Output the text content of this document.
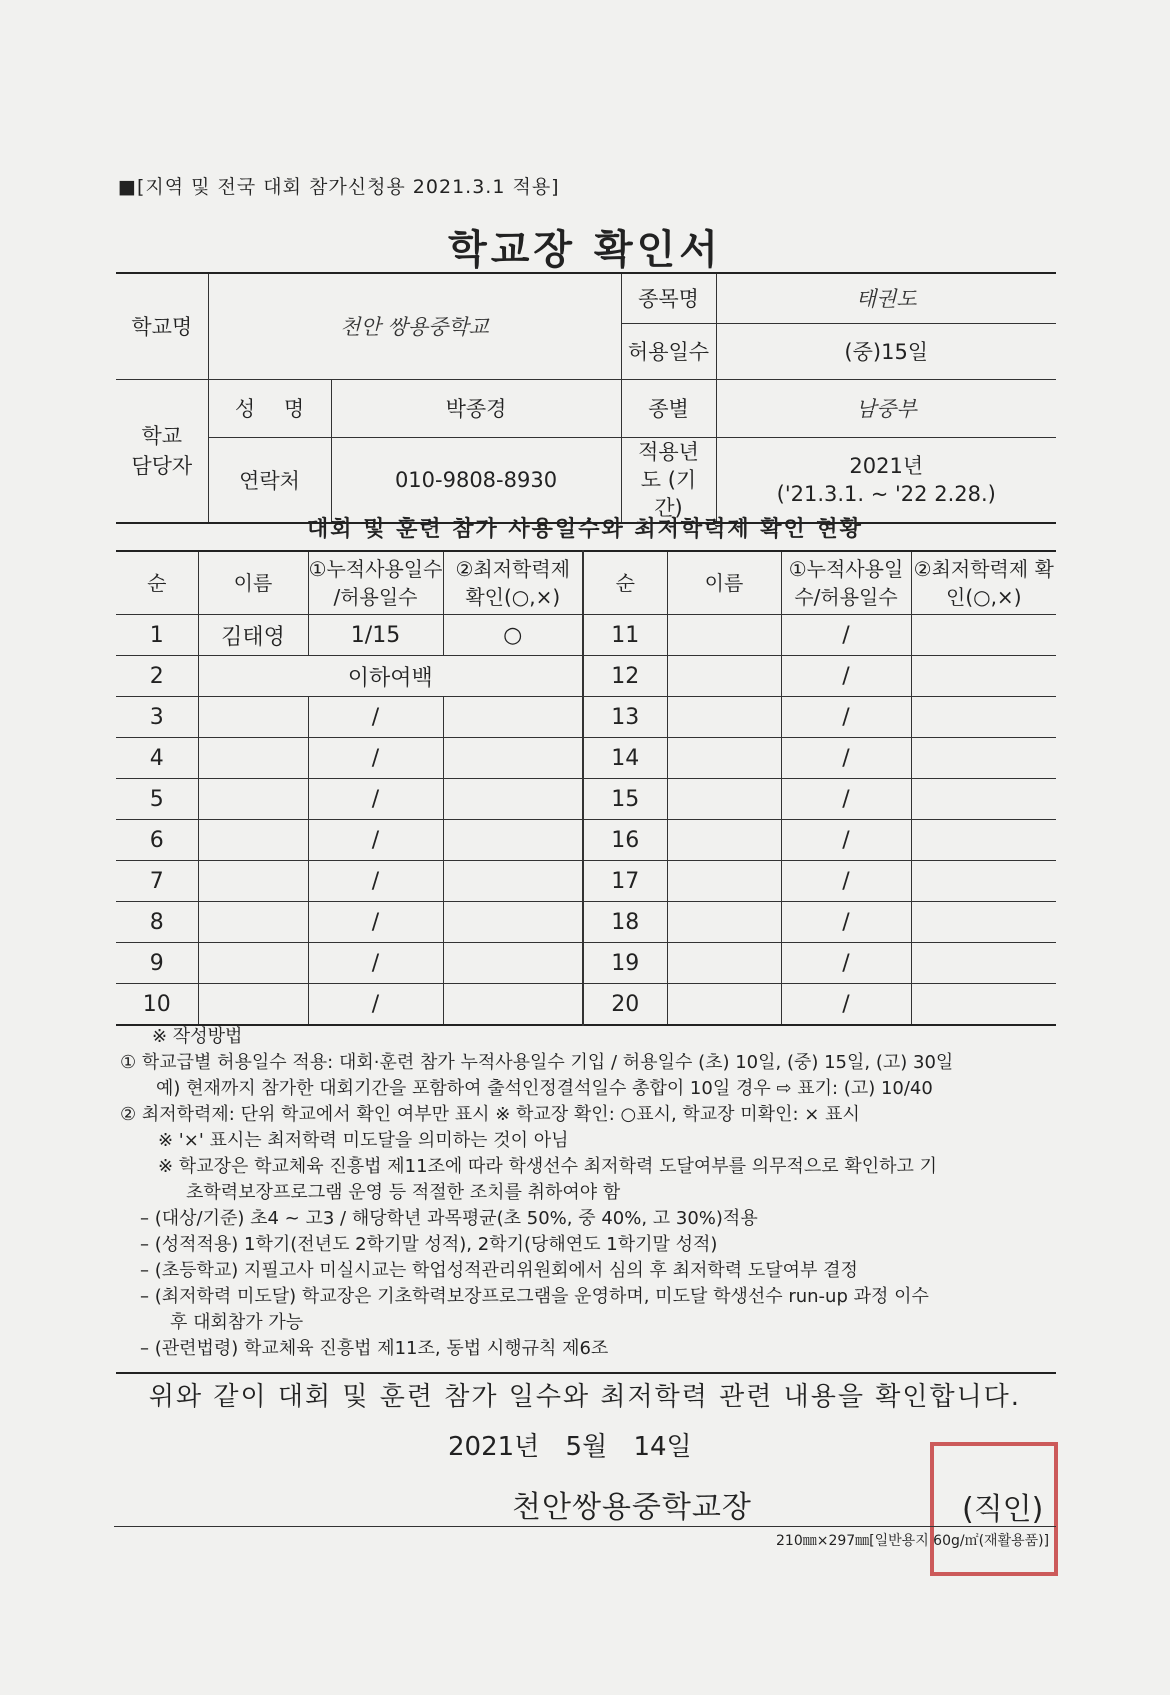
■[지역 및 전국 대회 참가신청용 2021.3.1 적용]
학교장 확인서
학교명	천안 쌍용중학교		종목명	태권도
			허용일수	(중)15일
학교 담당자	성 명	박종경	종별	남중부
	연락처	010-9808-8930	적용년도 (기간)	2021년
('21.3.1. ~ '22 2.28.)
대회 및 훈련 참가 사용일수와 최저학력제 확인 현황
순	이름	①누적사용일수 /허용일수	②최저학력제 확인(○,×)	순	이름	①누적사용일 수/허용일수	②최저학력제 확인(○,×)
1	김태영	1/15	○	11		/	
2	이하여백			12		/	
3		/		13		/	
4		/		14		/	
5		/		15		/	
6		/		16		/	
7		/		17		/	
8		/		18		/	
9		/		19		/	
10		/		20		/	
※ 작성방법
① 학교급별 허용일수 적용: 대회·훈련 참가 누적사용일수 기입 / 허용일수 (초) 10일, (중) 15일, (고) 30일
예) 현재까지 참가한 대회기간을 포함하여 출석인정결석일수 총합이 10일 경우 ⇨ 표기: (고) 10/40
② 최저학력제: 단위 학교에서 확인 여부만 표시 ※ 학교장 확인: ○표시, 학교장 미확인: × 표시
※ '×' 표시는 최저학력 미도달을 의미하는 것이 아님
※ 학교장은 학교체육 진흥법 제11조에 따라 학생선수 최저학력 도달여부를 의무적으로 확인하고 기
초학력보장프로그램 운영 등 적절한 조치를 취하여야 함
– (대상/기준) 초4 ~ 고3 / 해당학년 과목평균(초 50%, 중 40%, 고 30%)적용
– (성적적용) 1학기(전년도 2학기말 성적), 2학기(당해연도 1학기말 성적)
– (초등학교) 지필고사 미실시교는 학업성적관리위원회에서 심의 후 최저학력 도달여부 결정
– (최저학력 미도달) 학교장은 기초학력보장프로그램을 운영하며, 미도달 학생선수 run-up 과정 이수
후 대회참가 가능
– (관련법령) 학교체육 진흥법 제11조, 동법 시행규칙 제6조
위와 같이 대회 및 훈련 참가 일수와 최저학력 관련 내용을 확인합니다.
2021년 5월 14일
천안쌍용중학교장	(직인)
210㎜×297㎜[일반용지 60g/㎡(재활용품)]
